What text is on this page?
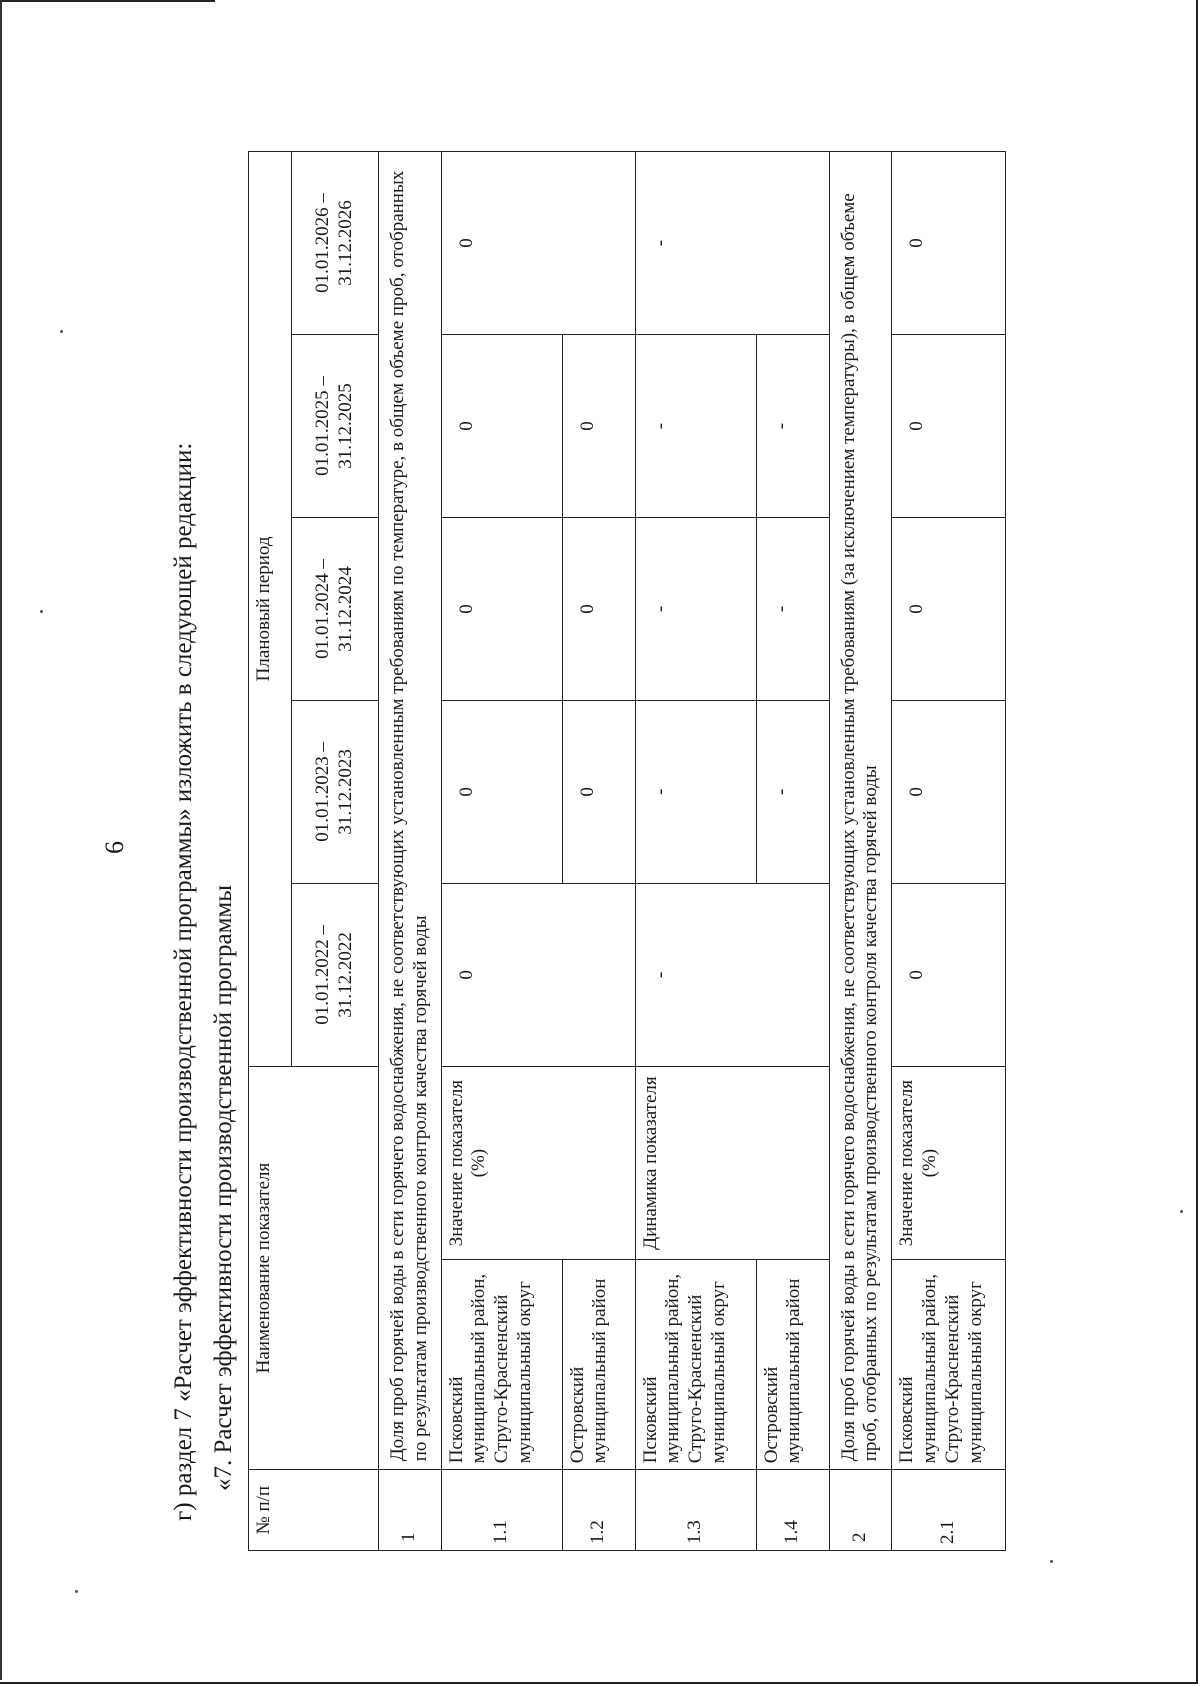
6 г) раздел 7 «Расчет эффективности производственной программы» изложить в следующей редакции: «7. Расчет эффективности производственной программы
№ п/п	Наименование показателя		Плановый период				
			01.01.2022 – 31.12.2022	01.01.2023 – 31.12.2023	01.01.2024 – 31.12.2024	01.01.2025 – 31.12.2025	01.01.2026 – 31.12.2026
1	Доля проб горячей воды в сети горячего водоснабжения, не соответствующих установленным требованиям по температуре, в общем объеме проб, отобранных по результатам производственного контроля качества горячей воды						
1.1	Псковский муниципальный район, Струго-Красненский муниципальный округ	Значение показателя (%)	0	0	0	0	0
1.2	Островский муниципальный район			0	0	0	
1.3	Псковский муниципальный район, Струго-Красненский муниципальный округ	Динамика показателя	-	-	-	-	-
1.4	Островский муниципальный район			-	-	-	
2	Доля проб горячей воды в сети горячего водоснабжения, не соответствующих установленным требованиям (за исключением температуры), в общем объеме проб, отобранных по результатам производственного контроля качества горячей воды						
2.1	Псковский муниципальный район, Струго-Красненский муниципальный округ	Значение показателя (%)	0	0	0	0	0
